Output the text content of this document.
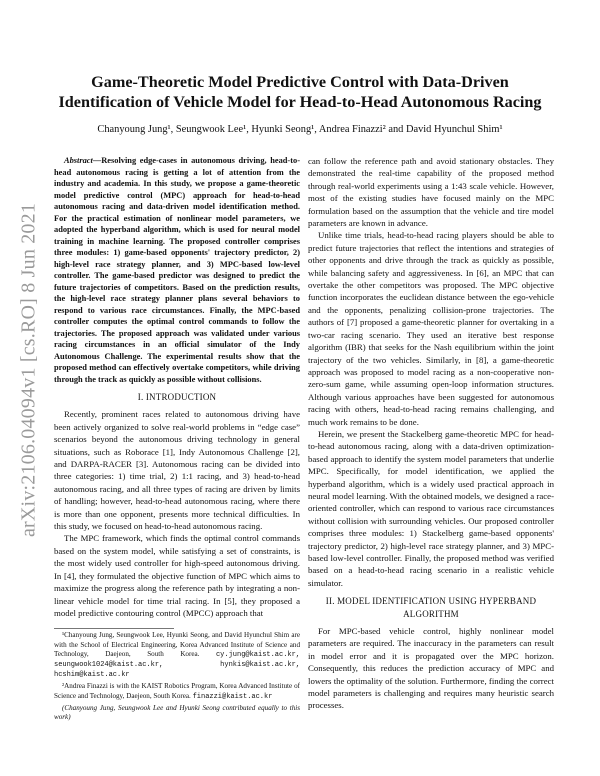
Game-Theoretic Model Predictive Control with Data-Driven
Identification of Vehicle Model for Head-to-Head Autonomous Racing
Chanyoung Jung¹, Seungwook Lee¹, Hyunki Seong¹, Andrea Finazzi² and David Hyunchul Shim¹
arXiv:2106.04094v1 [cs.RO] 8 Jun 2021

Abstract—Resolving edge-cases in autonomous driving, head-to-head autonomous racing is getting a lot of attention from the industry and academia. In this study, we propose a game-theoretic model predictive control (MPC) approach for head-to-head autonomous racing and data-driven model identification method. For the practical estimation of nonlinear model parameters, we adopted the hyperband algorithm, which is used for neural model training in machine learning. The proposed controller comprises three modules: 1) game-based opponents' trajectory predictor, 2) high-level race strategy planner, and 3) MPC-based low-level controller. The game-based predictor was designed to predict the future trajectories of competitors. Based on the prediction results, the high-level race strategy planner plans several behaviors to respond to various race circumstances. Finally, the MPC-based controller computes the optimal control commands to follow the trajectories. The proposed approach was validated under various racing circumstances in an official simulator of the Indy Autonomous Challenge. The experimental results show that the proposed method can effectively overtake competitors, while driving through the track as quickly as possible without collisions.

I. INTRODUCTION

Recently, prominent races related to autonomous driving have been actively organized to solve real-world problems in “edge case” scenarios beyond the autonomous driving technology in general situations, such as Roborace [1], Indy Autonomous Challenge [2], and DARPA-RACER [3]. Autonomous racing can be divided into three categories: 1) time trial, 2) 1:1 racing, and 3) head-to-head autonomous racing, and all three types of racing are driven by limits of handling; however, head-to-head autonomous racing, where there is more than one opponent, presents more technical difficulties. In this study, we focused on head-to-head autonomous racing.

The MPC framework, which finds the optimal control commands based on the system model, while satisfying a set of constraints, is the most widely used controller for high-speed autonomous driving. In [4], they formulated the objective function of MPC which aims to maximize the progress along the reference path by integrating a non-linear vehicle model for time trial racing. In [5], they proposed a model predictive contouring control (MPCC) approach that

¹Chanyoung Jung, Seungwook Lee, Hyunki Seong, and David Hyunchul Shim are with the School of Electrical Engineering, Korea Advanced Institute of Science and Technology, Daejeon, South Korea. cy.jung@kaist.ac.kr, seungwook1024@kaist.ac.kr, hynkis@kaist.ac.kr, hcshim@kaist.ac.kr

²Andrea Finazzi is with the KAIST Robotics Program, Korea Advanced Institute of Science and Technology, Daejeon, South Korea. finazzi@kaist.ac.kr

(Chanyoung Jung, Seungwook Lee and Hyunki Seong contributed equally to this work)

can follow the reference path and avoid stationary obstacles. They demonstrated the real-time capability of the proposed method through real-world experiments using a 1:43 scale vehicle. However, most of the existing studies have focused mainly on the MPC formulation based on the assumption that the vehicle and tire model parameters are known in advance.

Unlike time trials, head-to-head racing players should be able to predict future trajectories that reflect the intentions and strategies of other opponents and drive through the track as quickly as possible, while balancing safety and aggressiveness. In [6], an MPC that can overtake the other competitors was proposed. The MPC objective function incorporates the euclidean distance between the ego-vehicle and the opponents, penalizing collision-prone trajectories. The authors of [7] proposed a game-theoretic planner for overtaking in a two-car racing scenario. They used an iterative best response algorithm (IBR) that seeks for the Nash equilibrium within the joint trajectory of the two vehicles. Similarly, in [8], a game-theoretic approach was proposed to model racing as a non-cooperative non-zero-sum game, while assuming open-loop information structures. Although various approaches have been suggested for autonomous racing with others, head-to-head racing remains challenging, and much work remains to be done.

Herein, we present the Stackelberg game-theoretic MPC for head-to-head autonomous racing, along with a data-driven optimization-based approach to identify the system model parameters that underlie MPC. Specifically, for model identification, we applied the hyperband algorithm, which is a widely used practical approach in neural model learning. With the obtained models, we designed a race-oriented controller, which can respond to various race circumstances without collision with surrounding vehicles. Our proposed controller comprises three modules: 1) Stackelberg game-based opponents' trajectory predictor, 2) high-level race strategy planner, and 3) MPC-based low-level controller. Finally, the proposed method was verified based on a head-to-head racing scenario in a realistic vehicle simulator.

II. MODEL IDENTIFICATION USING HYPERBAND ALGORITHM

For MPC-based vehicle control, highly nonlinear model parameters are required. The inaccuracy in the parameters can result in model error and it is propagated over the MPC horizon. Consequently, this reduces the prediction accuracy of MPC and lowers the optimality of the solution. Furthermore, finding the correct model parameters is challenging and requires many heuristic search processes.
